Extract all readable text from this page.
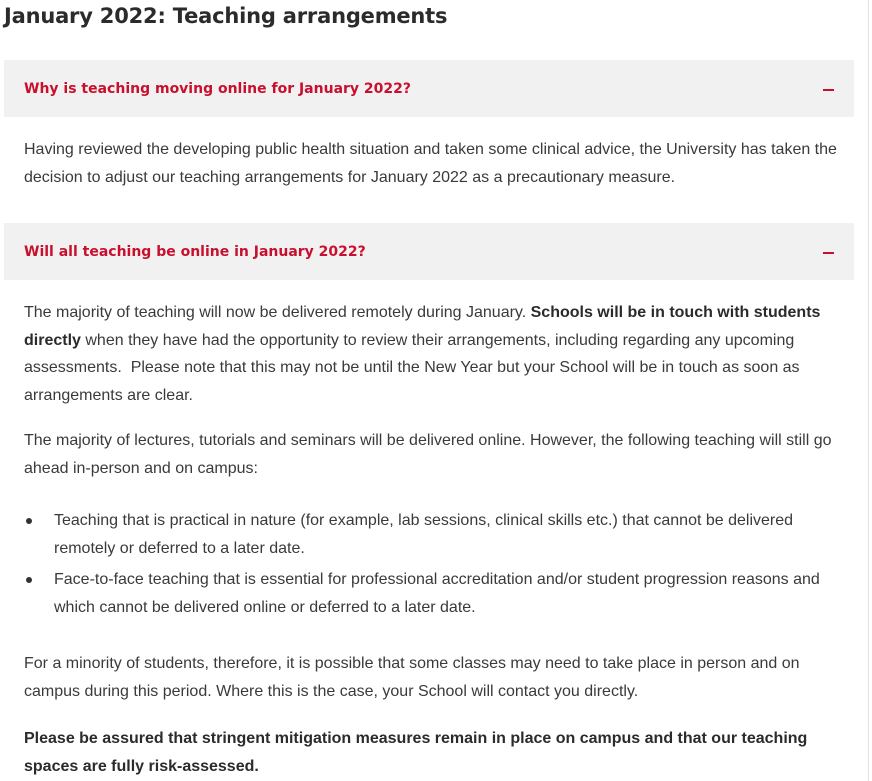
January 2022: Teaching arrangements
Why is teaching moving online for January 2022?

Having reviewed the developing public health situation and taken some clinical advice, the University has taken the decision to adjust our teaching arrangements for January 2022 as a precautionary measure.

Will all teaching be online in January 2022?

The majority of teaching will now be delivered remotely during January. Schools will be in touch with students directly when they have had the opportunity to review their arrangements, including regarding any upcoming assessments.  Please note that this may not be until the New Year but your School will be in touch as soon as arrangements are clear.

The majority of lectures, tutorials and seminars will be delivered online. However, the following teaching will still go ahead in-person and on campus:

Teaching that is practical in nature (for example, lab sessions, clinical skills etc.) that cannot be delivered remotely or deferred to a later date.
Face-to-face teaching that is essential for professional accreditation and/or student progression reasons and which cannot be delivered online or deferred to a later date.

For a minority of students, therefore, it is possible that some classes may need to take place in person and on campus during this period. Where this is the case, your School will contact you directly.

Please be assured that stringent mitigation measures remain in place on campus and that our teaching spaces are fully risk-assessed.
